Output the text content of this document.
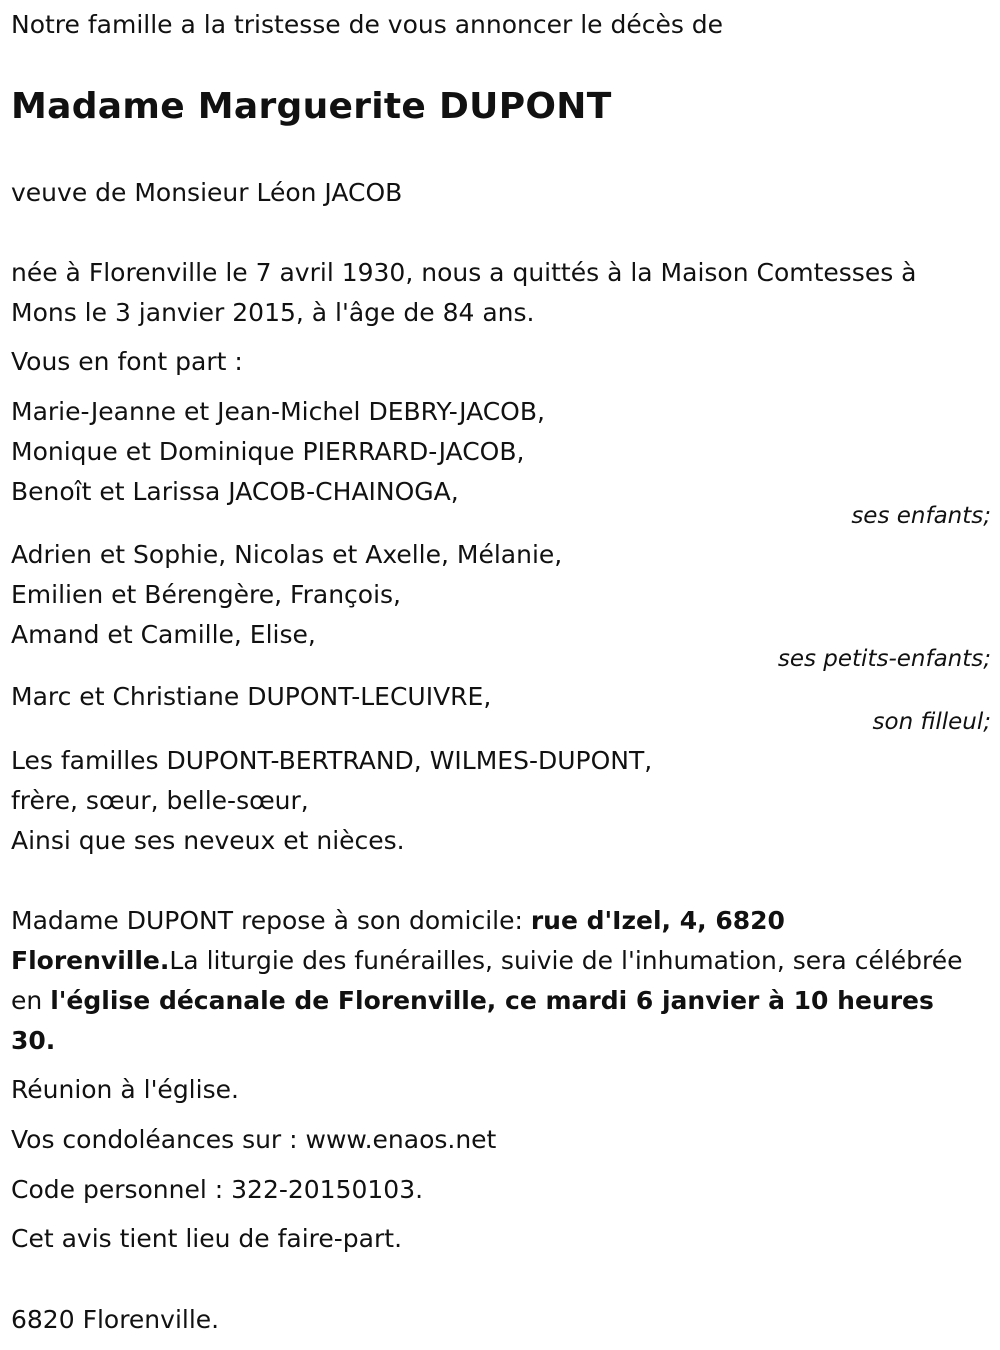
Notre famille a la tristesse de vous annoncer le décès de
Madame Marguerite DUPONT
veuve de Monsieur Léon JACOB
née à Florenville le 7 avril 1930, nous a quittés à la Maison Comtesses à
Mons le 3 janvier 2015, à l'âge de 84 ans.
Vous en font part :
Marie-Jeanne et Jean-Michel DEBRY-JACOB,
Monique et Dominique PIERRARD-JACOB,
Benoît et Larissa JACOB-CHAINOGA,
ses enfants;
Adrien et Sophie, Nicolas et Axelle, Mélanie,
Emilien et Bérengère, François,
Amand et Camille, Elise,
ses petits-enfants;
Marc et Christiane DUPONT-LECUIVRE,
son filleul;
Les familles DUPONT-BERTRAND, WILMES-DUPONT,
frère, sœur, belle-sœur,
Ainsi que ses neveux et nièces.
Madame DUPONT repose à son domicile: rue d'Izel, 4, 6820 Florenville.La liturgie des funérailles, suivie de l'inhumation, sera célébrée en l'église décanale de Florenville, ce mardi 6 janvier à 10 heures 30.
Réunion à l'église.
Vos condoléances sur : www.enaos.net
Code personnel : 322-20150103.
Cet avis tient lieu de faire-part.
6820 Florenville.
